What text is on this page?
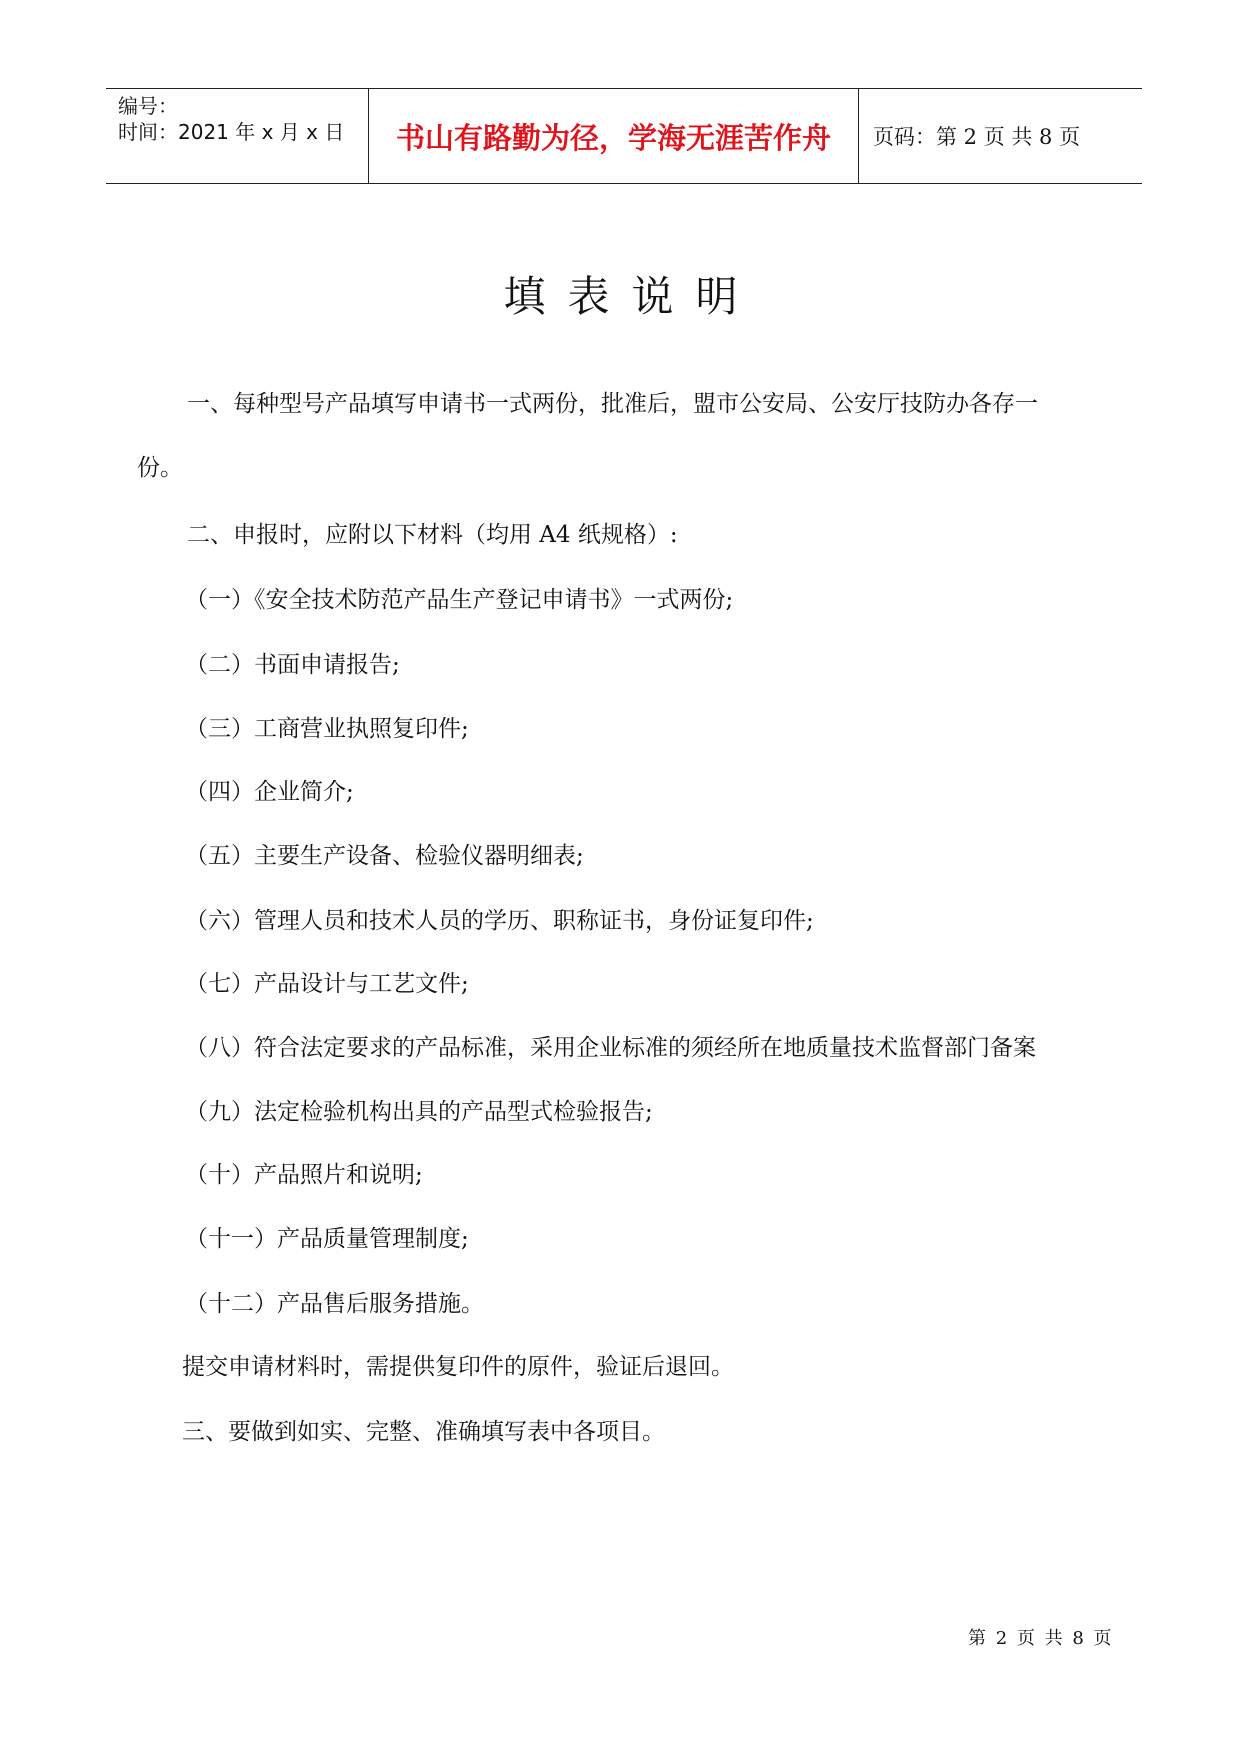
编号：
时间：2021 年 x 月 x 日	书山有路勤为径，学海无涯苦作舟	页码：第 2 页 共 8 页
填表说明
一、每种型号产品填写申请书一式两份，批准后，盟市公安局、公安厅技防办各存一
份。
二、申报时，应附以下材料（均用 A4 纸规格）:
（一）《安全技术防范产品生产登记申请书》一式两份;
（二）书面申请报告;
（三）工商营业执照复印件;
（四）企业简介;
（五）主要生产设备、检验仪器明细表;
（六）管理人员和技术人员的学历、职称证书，身份证复印件;
（七）产品设计与工艺文件;
（八）符合法定要求的产品标准，采用企业标准的须经所在地质量技术监督部门备案
（九）法定检验机构出具的产品型式检验报告;
（十）产品照片和说明;
（十一）产品质量管理制度;
（十二）产品售后服务措施。
提交申请材料时，需提供复印件的原件，验证后退回。
三、要做到如实、完整、准确填写表中各项目。
第 2 页 共 8 页
